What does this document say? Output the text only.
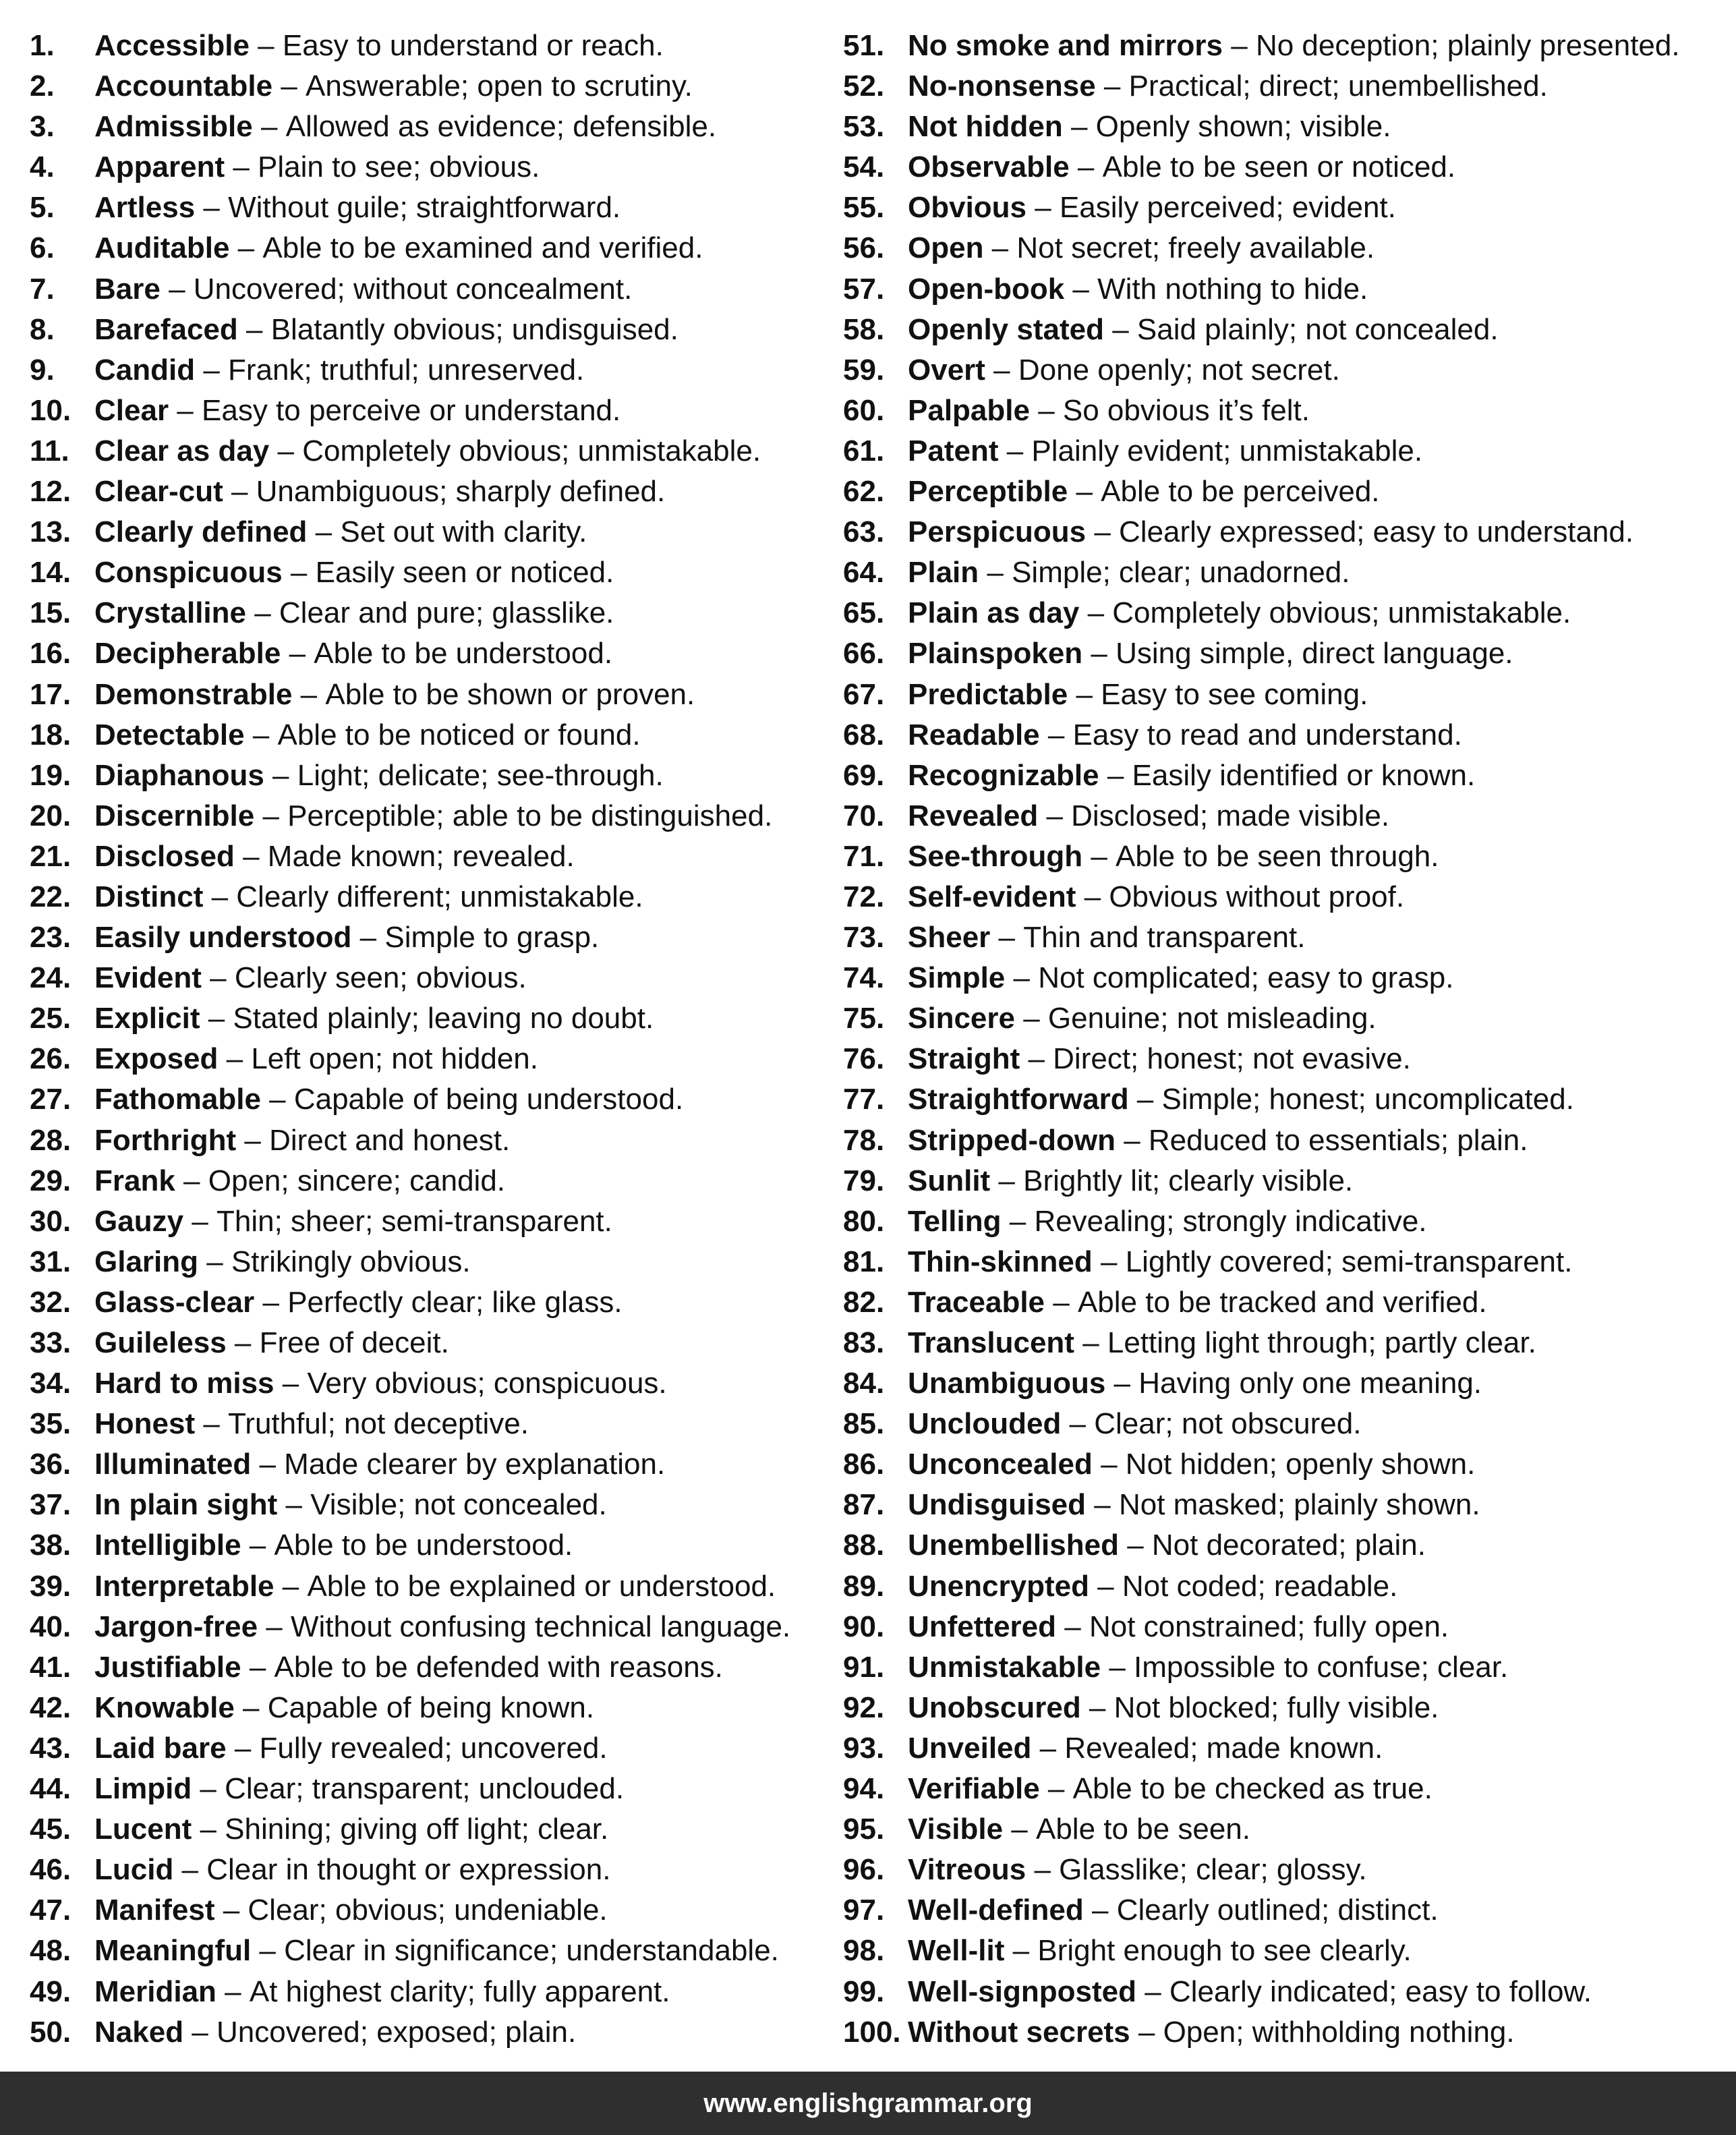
1.	Accessible – Easy to understand or reach.
2.	Accountable – Answerable; open to scrutiny.
3.	Admissible – Allowed as evidence; defensible.
4.	Apparent – Plain to see; obvious.
5.	Artless – Without guile; straightforward.
6.	Auditable – Able to be examined and verified.
7.	Bare – Uncovered; without concealment.
8.	Barefaced – Blatantly obvious; undisguised.
9.	Candid – Frank; truthful; unreserved.
10. Clear – Easy to perceive or understand.
11. Clear as day – Completely obvious; unmistakable.
12. Clear-cut – Unambiguous; sharply defined.
13. Clearly defined – Set out with clarity.
14. Conspicuous – Easily seen or noticed.
15. Crystalline – Clear and pure; glasslike.
16. Decipherable – Able to be understood.
17. Demonstrable – Able to be shown or proven.
18. Detectable – Able to be noticed or found.
19. Diaphanous – Light; delicate; see-through.
20. Discernible – Perceptible; able to be distinguished.
21. Disclosed – Made known; revealed.
22. Distinct – Clearly different; unmistakable.
23. Easily understood – Simple to grasp.
24. Evident – Clearly seen; obvious.
25. Explicit – Stated plainly; leaving no doubt.
26. Exposed – Left open; not hidden.
27. Fathomable – Capable of being understood.
28. Forthright – Direct and honest.
29. Frank – Open; sincere; candid.
30. Gauzy – Thin; sheer; semi-transparent.
31. Glaring – Strikingly obvious.
32. Glass-clear – Perfectly clear; like glass.
33. Guileless – Free of deceit.
34. Hard to miss – Very obvious; conspicuous.
35. Honest – Truthful; not deceptive.
36. Illuminated – Made clearer by explanation.
37. In plain sight – Visible; not concealed.
38. Intelligible – Able to be understood.
39. Interpretable – Able to be explained or understood.
40. Jargon-free – Without confusing technical language.
41. Justifiable – Able to be defended with reasons.
42. Knowable – Capable of being known.
43. Laid bare – Fully revealed; uncovered.
44. Limpid – Clear; transparent; unclouded.
45. Lucent – Shining; giving off light; clear.
46. Lucid – Clear in thought or expression.
47. Manifest – Clear; obvious; undeniable.
48. Meaningful – Clear in significance; understandable.
49. Meridian – At highest clarity; fully apparent.
50. Naked – Uncovered; exposed; plain.
51. No smoke and mirrors – No deception; plainly presented.
52. No-nonsense – Practical; direct; unembellished.
53. Not hidden – Openly shown; visible.
54. Observable – Able to be seen or noticed.
55. Obvious – Easily perceived; evident.
56. Open – Not secret; freely available.
57. Open-book – With nothing to hide.
58. Openly stated – Said plainly; not concealed.
59. Overt – Done openly; not secret.
60. Palpable – So obvious it’s felt.
61. Patent – Plainly evident; unmistakable.
62. Perceptible – Able to be perceived.
63. Perspicuous – Clearly expressed; easy to understand.
64. Plain – Simple; clear; unadorned.
65. Plain as day – Completely obvious; unmistakable.
66. Plainspoken – Using simple, direct language.
67. Predictable – Easy to see coming.
68. Readable – Easy to read and understand.
69. Recognizable – Easily identified or known.
70. Revealed – Disclosed; made visible.
71. See-through – Able to be seen through.
72. Self-evident – Obvious without proof.
73. Sheer – Thin and transparent.
74. Simple – Not complicated; easy to grasp.
75. Sincere – Genuine; not misleading.
76. Straight – Direct; honest; not evasive.
77. Straightforward – Simple; honest; uncomplicated.
78. Stripped-down – Reduced to essentials; plain.
79. Sunlit – Brightly lit; clearly visible.
80. Telling – Revealing; strongly indicative.
81. Thin-skinned – Lightly covered; semi-transparent.
82. Traceable – Able to be tracked and verified.
83. Translucent – Letting light through; partly clear.
84. Unambiguous – Having only one meaning.
85. Unclouded – Clear; not obscured.
86. Unconcealed – Not hidden; openly shown.
87. Undisguised – Not masked; plainly shown.
88. Unembellished – Not decorated; plain.
89. Unencrypted – Not coded; readable.
90. Unfettered – Not constrained; fully open.
91. Unmistakable – Impossible to confuse; clear.
92. Unobscured – Not blocked; fully visible.
93. Unveiled – Revealed; made known.
94. Verifiable – Able to be checked as true.
95. Visible – Able to be seen.
96. Vitreous – Glasslike; clear; glossy.
97. Well-defined – Clearly outlined; distinct.
98. Well-lit – Bright enough to see clearly.
99. Well-signposted – Clearly indicated; easy to follow.
100. Without secrets – Open; withholding nothing.
www.englishgrammar.org
